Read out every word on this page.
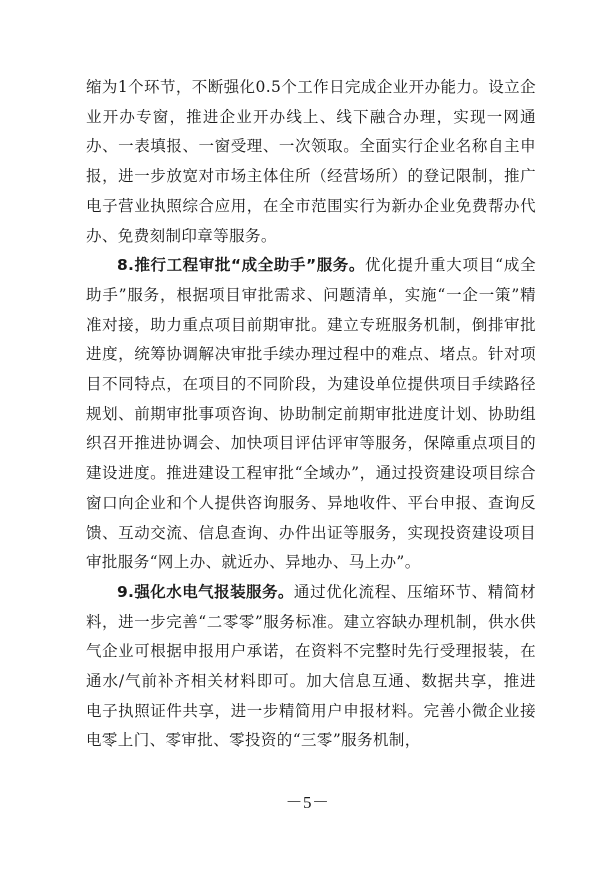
缩为1个环节，不断强化0.5个工作日完成企业开办能力。设立企业开办专窗，推进企业开办线上、线下融合办理，实现一网通办、一表填报、一窗受理、一次领取。全面实行企业名称自主申报，进一步放宽对市场主体住所（经营场所）的登记限制，推广电子营业执照综合应用，在全市范围实行为新办企业免费帮办代办、免费刻制印章等服务。

8.推行工程审批“成全助手”服务。优化提升重大项目“成全助手”服务，根据项目审批需求、问题清单，实施“一企一策”精准对接，助力重点项目前期审批。建立专班服务机制，倒排审批进度，统筹协调解决审批手续办理过程中的难点、堵点。针对项目不同特点，在项目的不同阶段，为建设单位提供项目手续路径规划、前期审批事项咨询、协助制定前期审批进度计划、协助组织召开推进协调会、加快项目评估评审等服务，保障重点项目的建设进度。推进建设工程审批“全域办”，通过投资建设项目综合窗口向企业和个人提供咨询服务、异地收件、平台申报、查询反馈、互动交流、信息查询、办件出证等服务，实现投资建设项目审批服务“网上办、就近办、异地办、马上办”。

9.强化水电气报装服务。通过优化流程、压缩环节、精简材料，进一步完善“二零零”服务标准。建立容缺办理机制，供水供气企业可根据申报用户承诺，在资料不完整时先行受理报装，在通水/气前补齐相关材料即可。加大信息互通、数据共享，推进电子执照证件共享，进一步精简用户申报材料。完善小微企业接电零上门、零审批、零投资的“三零”服务机制，

－5－
